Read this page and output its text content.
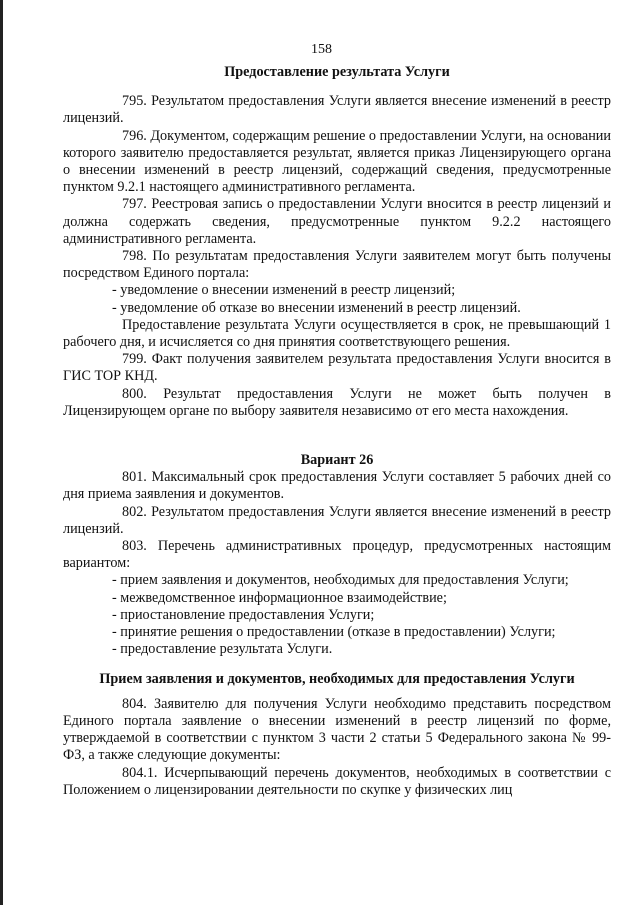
158

Предоставление результата Услуги

795. Результатом предоставления Услуги является внесение изменений в реестр лицензий.

796. Документом, содержащим решение о предоставлении Услуги, на основании которого заявителю предоставляется результат, является приказ Лицензирующего органа о внесении изменений в реестр лицензий, содержащий сведения, предусмотренные пунктом 9.2.1 настоящего административного регламента.

797. Реестровая запись о предоставлении Услуги вносится в реестр лицензий и должна содержать сведения, предусмотренные пунктом 9.2.2 настоящего административного регламента.

798. По результатам предоставления Услуги заявителем могут быть получены посредством Единого портала:

- уведомление о внесении изменений в реестр лицензий;

- уведомление об отказе во внесении изменений в реестр лицензий.

Предоставление результата Услуги осуществляется в срок, не превышающий 1 рабочего дня, и исчисляется со дня принятия соответствующего решения.

799. Факт получения заявителем результата предоставления Услуги вносится в ГИС ТОР КНД.

800. Результат предоставления Услуги не может быть получен в Лицензирующем органе по выбору заявителя независимо от его места нахождения.

Вариант 26

801. Максимальный срок предоставления Услуги составляет 5 рабочих дней со дня приема заявления и документов.

802. Результатом предоставления Услуги является внесение изменений в реестр лицензий.

803. Перечень административных процедур, предусмотренных настоящим вариантом:

- прием заявления и документов, необходимых для предоставления Услуги;

- межведомственное информационное взаимодействие;

- приостановление предоставления Услуги;

- принятие решения о предоставлении (отказе в предоставлении) Услуги;

- предоставление результата Услуги.

Прием заявления и документов, необходимых для предоставления Услуги

804. Заявителю для получения Услуги необходимо представить посредством Единого портала заявление о внесении изменений в реестр лицензий по форме, утверждаемой в соответствии с пунктом 3 части 2 статьи 5 Федерального закона № 99-ФЗ, а также следующие документы:

804.1. Исчерпывающий перечень документов, необходимых в соответствии с Положением о лицензировании деятельности по скупке у физических лиц
